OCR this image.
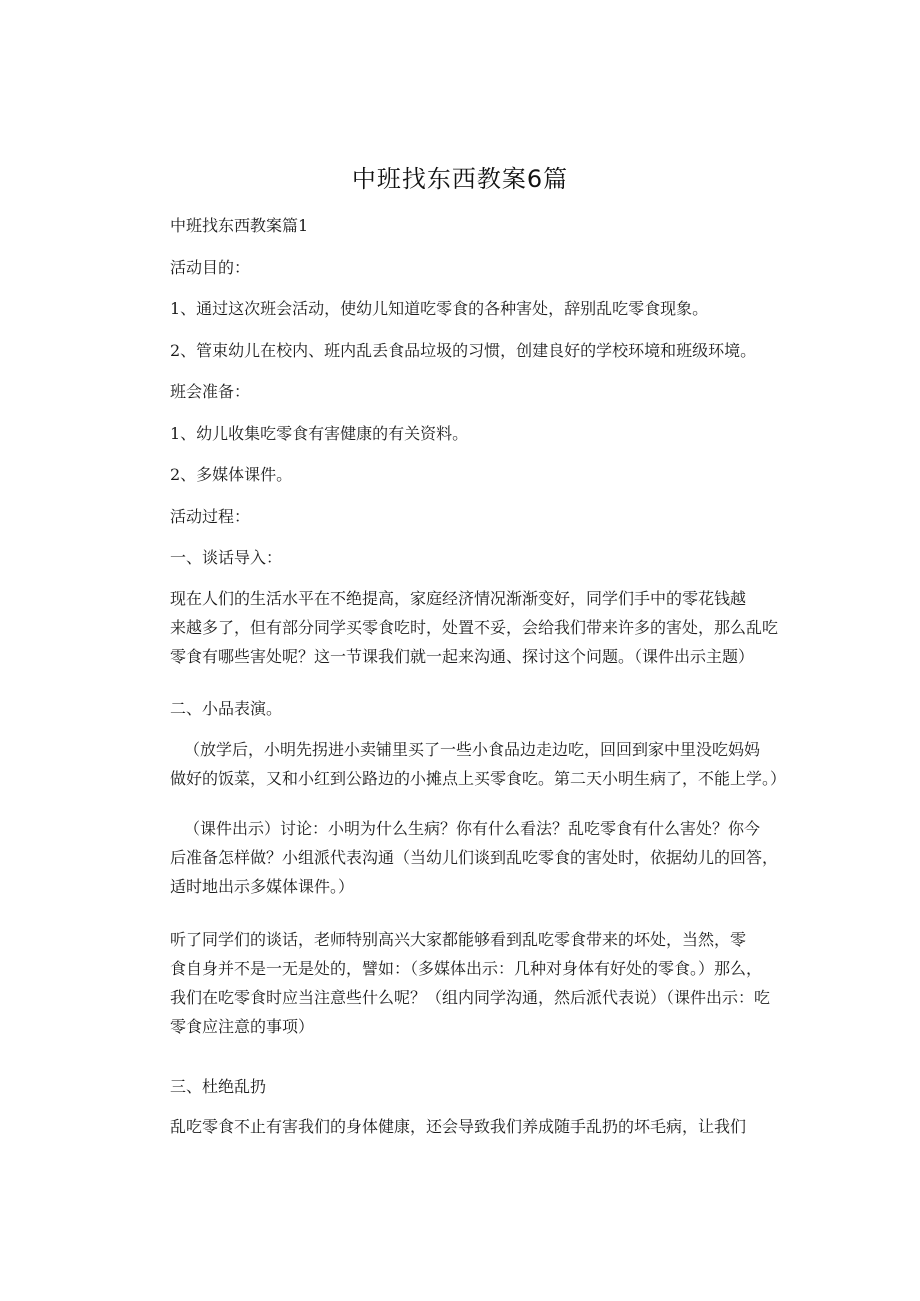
中班找东西教案6篇
中班找东西教案篇1
活动目的：
1、通过这次班会活动，使幼儿知道吃零食的各种害处，辞别乱吃零食现象。
2、管束幼儿在校内、班内乱丢食品垃圾的习惯，创建良好的学校环境和班级环境。
班会准备：
1、幼儿收集吃零食有害健康的有关资料。
2、多媒体课件。
活动过程：
一、谈话导入：
现在人们的生活水平在不绝提高，家庭经济情况渐渐变好，同学们手中的零花钱越
来越多了，但有部分同学买零食吃时，处置不妥，会给我们带来许多的害处，那么乱吃
零食有哪些害处呢？这一节课我们就一起来沟通、探讨这个问题。（课件出示主题）
二、小品表演。
（放学后，小明先拐进小卖铺里买了一些小食品边走边吃，回回到家中里没吃妈妈
做好的饭菜，又和小红到公路边的小摊点上买零食吃。第二天小明生病了，不能上学。）
（课件出示）讨论：小明为什么生病？你有什么看法？乱吃零食有什么害处？你今
后准备怎样做？小组派代表沟通（当幼儿们谈到乱吃零食的害处时，依据幼儿的回答，
适时地出示多媒体课件。）
听了同学们的谈话，老师特别高兴大家都能够看到乱吃零食带来的坏处，当然，零
食自身并不是一无是处的，譬如：（多媒体出示：几种对身体有好处的零食。）那么，
我们在吃零食时应当注意些什么呢？（组内同学沟通，然后派代表说）（课件出示：吃
零食应注意的事项）
三、杜绝乱扔
乱吃零食不止有害我们的身体健康，还会导致我们养成随手乱扔的坏毛病，让我们
